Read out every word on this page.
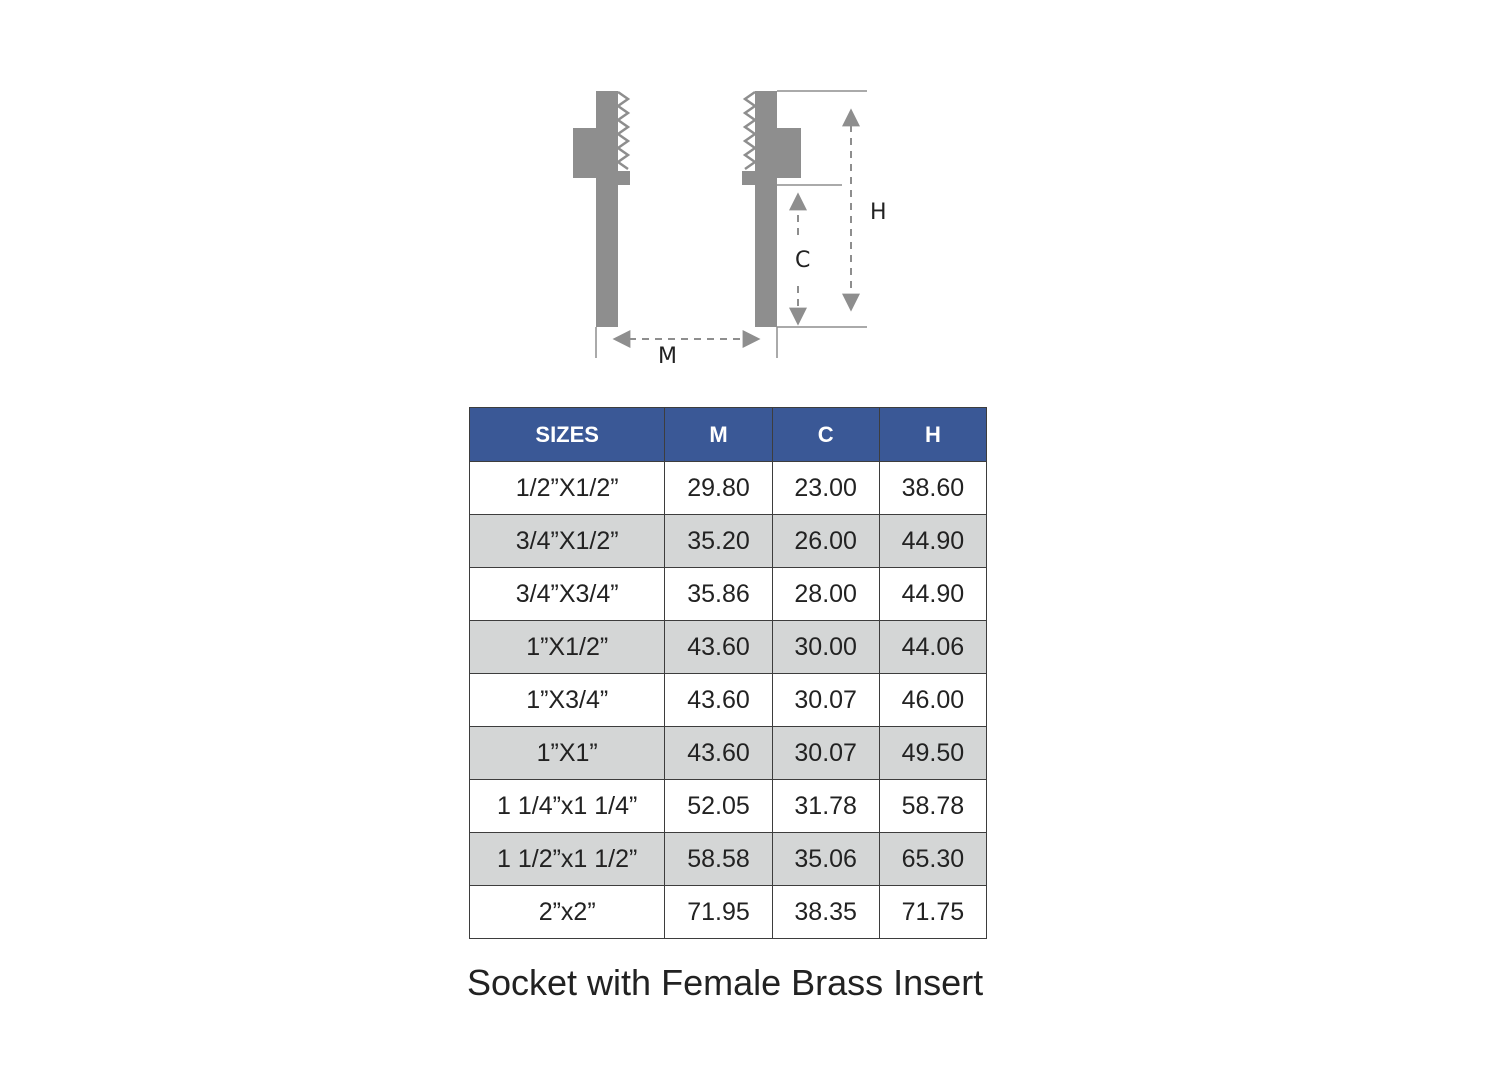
H
C
M
SIZES	M	C	H
1/2”X1/2”	29.80	23.00	38.60
3/4”X1/2”	35.20	26.00	44.90
3/4”X3/4”	35.86	28.00	44.90
1”X1/2”	43.60	30.00	44.06
1”X3/4”	43.60	30.07	46.00
1”X1”	43.60	30.07	49.50
1 1/4”x1 1/4”	52.05	31.78	58.78
1 1/2”x1 1/2”	58.58	35.06	65.30
2”x2”	71.95	38.35	71.75
Socket with Female Brass Insert
